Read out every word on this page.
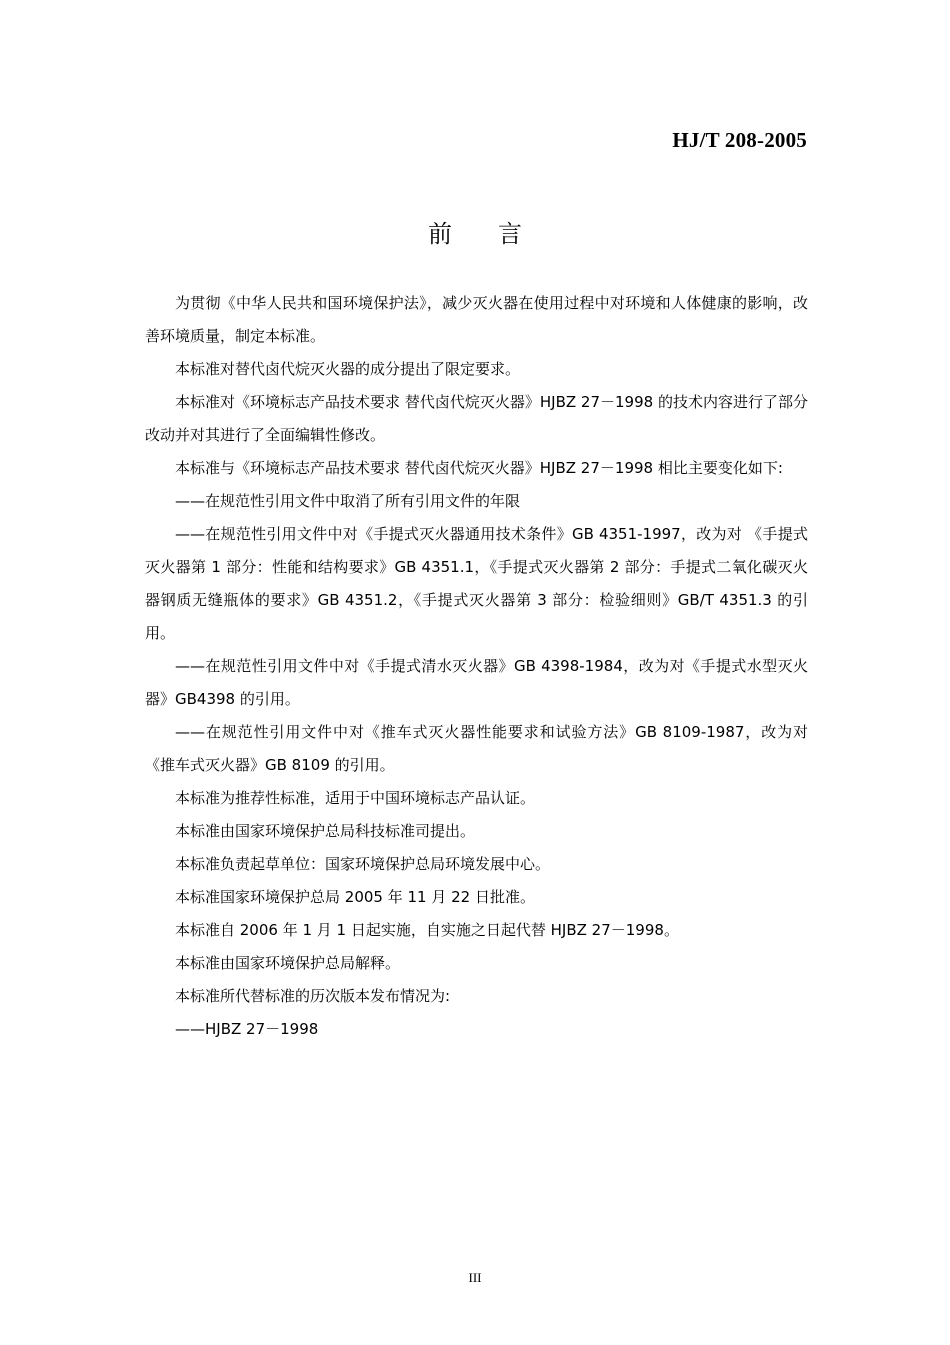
HJ/T 208-2005
前言

为贯彻《中华人民共和国环境保护法》，减少灭火器在使用过程中对环境和人体健康的影响，改善环境质量，制定本标准。

本标准对替代卤代烷灭火器的成分提出了限定要求。

本标准对《环境标志产品技术要求 替代卤代烷灭火器》HJBZ 27－1998 的技术内容进行了部分改动并对其进行了全面编辑性修改。

本标准与《环境标志产品技术要求 替代卤代烷灭火器》HJBZ 27－1998 相比主要变化如下:

——在规范性引用文件中取消了所有引用文件的年限

——在规范性引用文件中对《手提式灭火器通用技术条件》GB 4351-1997，改为对 《手提式灭火器第 1 部分：性能和结构要求》GB 4351.1，《手提式灭火器第 2 部分：手提式二氧化碳灭火器钢质无缝瓶体的要求》GB 4351.2，《手提式灭火器第 3 部分：检验细则》GB/T 4351.3 的引用。

——在规范性引用文件中对《手提式清水灭火器》GB 4398-1984，改为对《手提式水型灭火器》GB4398 的引用。

——在规范性引用文件中对《推车式灭火器性能要求和试验方法》GB 8109-1987，改为对《推车式灭火器》GB 8109 的引用。

本标准为推荐性标准，适用于中国环境标志产品认证。

本标准由国家环境保护总局科技标准司提出。

本标准负责起草单位：国家环境保护总局环境发展中心。

本标准国家环境保护总局 2005 年 11 月 22 日批准。

本标准自 2006 年 1 月 1 日起实施，自实施之日起代替 HJBZ 27－1998。

本标准由国家环境保护总局解释。

本标准所代替标准的历次版本发布情况为:

——HJBZ 27－1998

III
